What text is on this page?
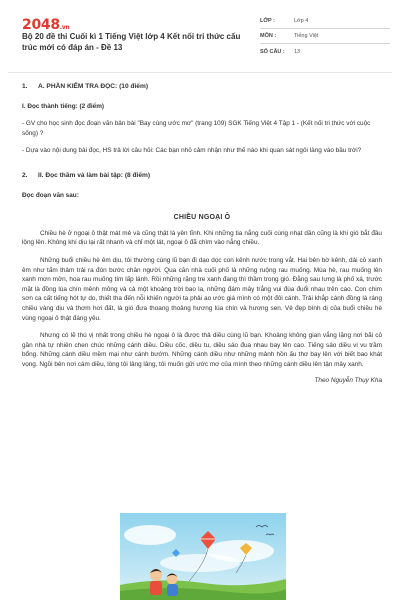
2048.vn
Bộ 20 đề thi Cuối kì 1 Tiếng Việt lớp 4 Kết nối tri thức cấu trúc mới có đáp án - Đề 13
LỚP :	Lớp 4
MÔN :	Tiếng Việt
SỐ CÂU :	13
1.	A. PHẦN KIỂM TRA ĐỌC: (10 điểm)
I. Đọc thành tiếng: (2 điểm)
- GV cho học sinh đọc đoạn văn bản bài "Bay cùng ước mơ" (trang 109) SGK Tiếng Việt 4 Tập 1 - (Kết nối tri thức với cuộc sống) ?
- Dựa vào nội dung bài đọc, HS trả lời câu hỏi: Các bạn nhỏ cảm nhận như thế nào khi quan sát ngôi làng vào bầu trời?
2.	II. Đọc thầm và làm bài tập: (8 điểm)
Đọc đoạn văn sau:
CHIỀU NGOẠI Ô

Chiều hè ở ngoại ô thật mát mẻ và cũng thật là yên tĩnh. Khi những tia nắng cuối cùng nhạt dần cũng là khi gió bắt đầu lộng lên. Không khí dịu lại rất nhanh và chỉ một lát, ngoại ô đã chìm vào nắng chiều.

Những buổi chiều hè êm dịu, tôi thường cùng lũ bạn đi dạo dọc con kênh nước trong vắt. Hai bên bờ kênh, dải cỏ xanh êm như tấm thảm trải ra đón bước chân người. Qua căn nhà cuối phố là những ruộng rau muống. Mùa hè, rau muống lên xanh mơn mởn, hoa rau muống tím lấp lánh. Rồi những rặng tre xanh đang thì thầm trong gió. Đằng sau lưng là phố xá, trước mặt là đồng lúa chín mênh mông và cả một khoảng trời bao la, những đám mây trắng vui đùa đuổi nhau trên cao. Con chim sơn ca cất tiếng hót tự do, thiết tha đến nỗi khiến người ta phải ao ước giá mình có một đôi cánh. Trải khắp cánh đồng là ráng chiều vàng dịu và thơm hơi đất, là gió đưa thoang thoảng hương lúa chín và hương sen. Vẻ đẹp bình dị của buổi chiều hè vùng ngoại ô thật đáng yêu.

Nhưng có lẽ thú vị nhất trong chiều hè ngoại ô là được thả diều cùng lũ bạn. Khoảng không gian vắng lặng nơi bãi cỏ gần nhà tự nhiên chen chúc những cánh diều. Diều cốc, diều tu, diều sáo đua nhau bay lên cao. Tiếng sáo diều vi vu trầm bổng. Những cánh diều mềm mại như cánh bướm. Những cánh diều như những mảnh hồn ấu thơ bay lên với biết bao khát vọng. Ngồi bên nơi cám diều, lòng tôi lâng lâng, tôi muốn gửi ước mơ của mình theo những cánh diều lên tận mây xanh.

Theo Nguyễn Thụy Kha
